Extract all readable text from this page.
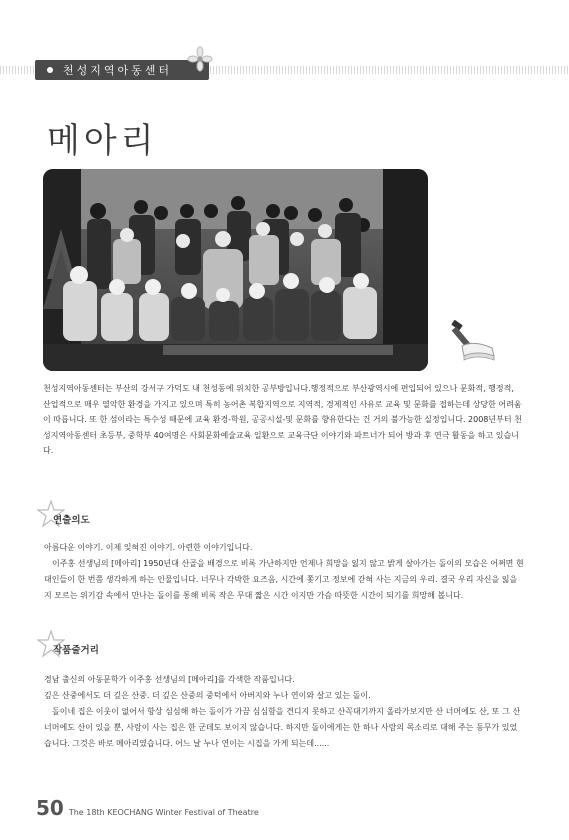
천성지역아동센터
메아리

천성지역아동센터는 부산의 강서구 가덕도 내 천성동에 위치한 공부방입니다.행정적으로 부산광역시에 편입되어 있으나 문화적, 행정적, 산업적으로 매우 열악한 환경을 가지고 있으며 특히 농어촌 복합지역으로 지역적, 경제적인 사유로 교육 및 문화를 접하는데 상당한 어려움이 따릅니다. 또 한 섬이라는 특수성 때문에 교육 환경-학원, 공공시설-및 문화를 향유한다는 건 거의 불가능한 실정입니다. 2008년부터 천성지역아동센터 초등부, 중학부 40여명은 사회문화예술교육 일환으로 교육극단 이야기와 파트너가 되어 방과 후 연극 활동을 하고 있습니다.

연출의도

아름다운 이야기. 이제 잊혀진 이야기. 아련한 이야기입니다.

이주홍 선생님의 [메아리] 1950년대 산골을 배경으로 비록 가난하지만 언제나 희망을 잃지 않고 밝게 살아가는 돌이의 모습은 어쩌면 현대인들이 한 번쯤 생각하게 하는 인물입니다. 너무나 각박한 요즈음, 시간에 쫓기고 정보에 갇혀 사는 지금의 우리. 결국 우리 자신을 잃을지 모르는 위기감 속에서 만나는 돌이를 통해 비록 작은 무대 짧은 시간 이지만 가슴 따뜻한 시간이 되기를 희망해 봅니다.

작품줄거리

경남 출신의 아동문학가 이주홍 선생님의 [메아리]를 각색한 작품입니다.

깊은 산중에서도 더 깊은 산중. 더 깊은 산중의 중턱에서 아버지와 누나 연이와 살고 있는 돌이.

돌이네 집은 이웃이 없어서 항상 심심해 하는 돌이가 가끔 심심함을 견디지 못하고 산꼭대기까지 올라가보지만 산 너머에도 산, 또 그 산 너머에도 산이 있을 뿐, 사람이 사는 집은 한 군데도 보이지 않습니다. 하지만 돌이에게는 한 하나 사람의 목소리로 대해 주는 동무가 있었습니다. 그것은 바로 메아리였습니다. 어느 날 누나 연이는 시집을 가게 되는데......

50 The 18th KEOCHANG Winter Festival of Theatre
